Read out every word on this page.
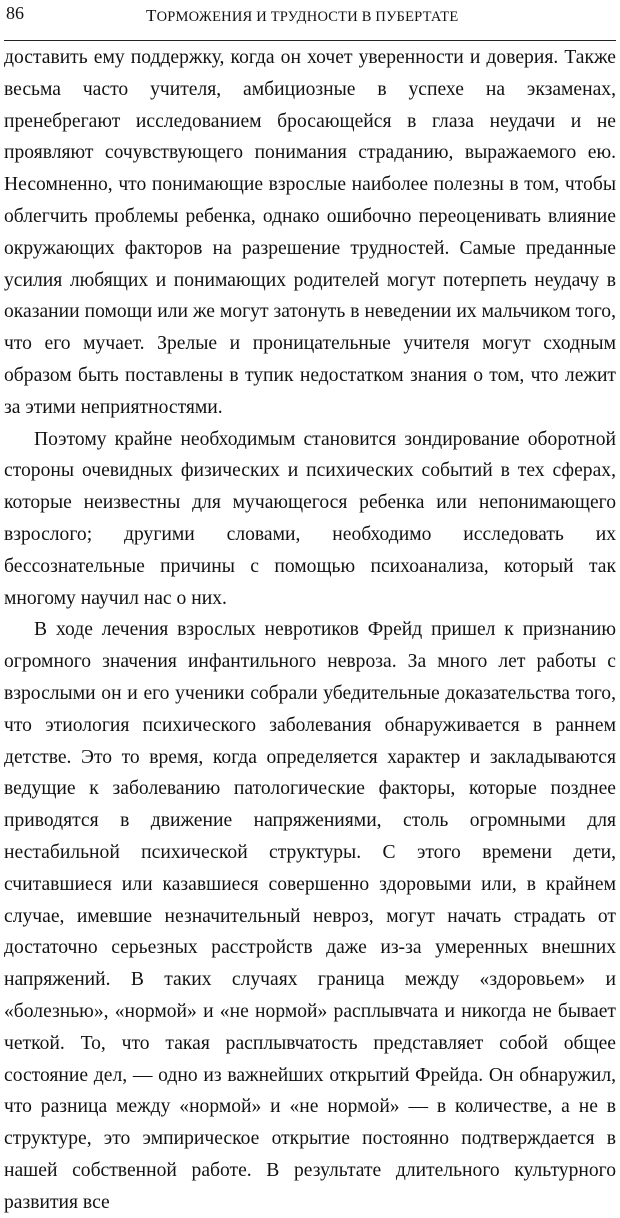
86	ТОРМОЖЕНИЯ И ТРУДНОСТИ В ПУБЕРТАТЕ

доставить ему поддержку, когда он хочет уверенности и доверия. Также весьма часто учителя, амбициозные в успехе на экзаменах, пренебрегают исследованием бросающейся в глаза неудачи и не проявляют сочувствующего понимания страданию, выражаемого ею. Несомненно, что понимающие взрослые наиболее полезны в том, чтобы облегчить проблемы ребенка, однако ошибочно переоценивать влияние окружающих факторов на разрешение трудностей. Самые преданные усилия любящих и понимающих родителей могут потерпеть неудачу в оказании помощи или же могут затонуть в неведении их мальчиком того, что его мучает. Зрелые и проницательные учителя могут сходным образом быть поставлены в тупик недостатком знания о том, что лежит за этими неприятностями.

Поэтому крайне необходимым становится зондирование оборотной стороны очевидных физических и психических событий в тех сферах, которые неизвестны для мучающегося ребенка или непонимающего взрослого; другими словами, необходимо исследовать их бессознательные причины с помощью психоанализа, который так многому научил нас о них.

В ходе лечения взрослых невротиков Фрейд пришел к признанию огромного значения инфантильного невроза. За много лет работы с взрослыми он и его ученики собрали убедительные доказательства того, что этиология психического заболевания обнаруживается в раннем детстве. Это то время, когда определяется характер и закладываются ведущие к заболеванию патологические факторы, которые позднее приводятся в движение напряжениями, столь огромными для нестабильной психической структуры. С этого времени дети, считавшиеся или казавшиеся совершенно здоровыми или, в крайнем случае, имевшие незначительный невроз, могут начать страдать от достаточно серьезных расстройств даже из-за умеренных внешних напряжений. В таких случаях граница между «здоровьем» и «болезнью», «нормой» и «не нормой» расплывчата и никогда не бывает четкой. То, что такая расплывчатость представляет собой общее состояние дел, — одно из важнейших открытий Фрейда. Он обнаружил, что разница между «нормой» и «не нормой» — в количестве, а не в структуре, это эмпирическое открытие постоянно подтверждается в нашей собственной работе. В результате длительного культурного развития все
